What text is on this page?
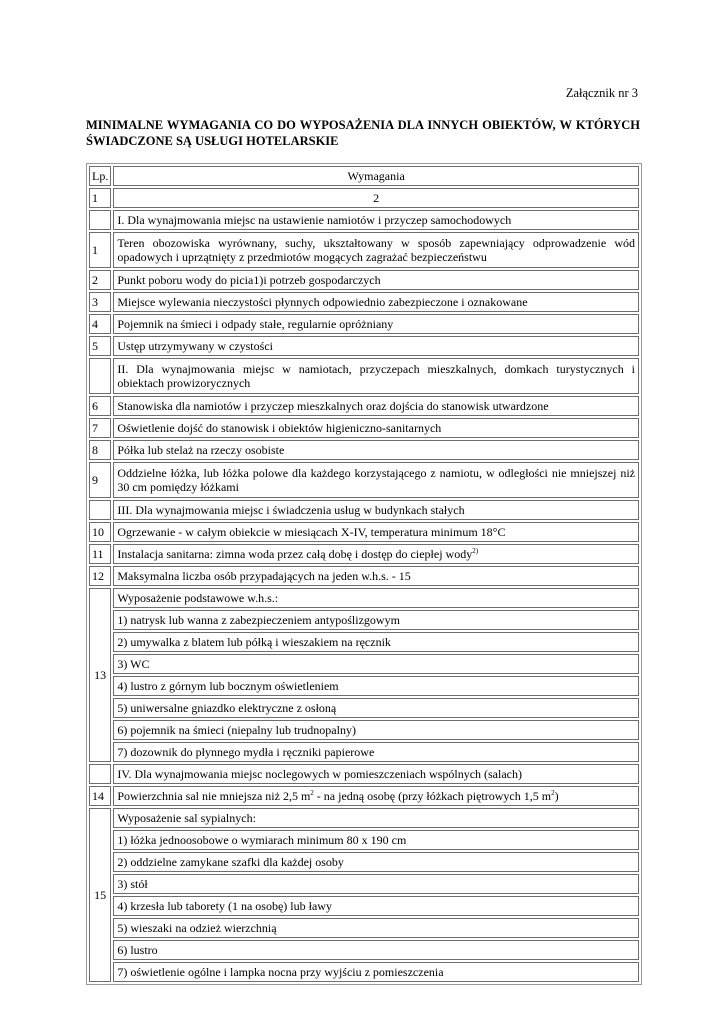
Załącznik nr 3
MINIMALNE WYMAGANIA CO DO WYPOSAŻENIA DLA INNYCH OBIEKTÓW, W KTÓRYCH ŚWIADCZONE SĄ USŁUGI HOTELARSKIE
Lp.	Wymagania
1	2
	I. Dla wynajmowania miejsc na ustawienie namiotów i przyczep samochodowych
1	Teren obozowiska wyrównany, suchy, ukształtowany w sposób zapewniający odprowadzenie wód opadowych i uprzątnięty z przedmiotów mogących zagrażać bezpieczeństwu
2	Punkt poboru wody do picia1)i potrzeb gospodarczych
3	Miejsce wylewania nieczystości płynnych odpowiednio zabezpieczone i oznakowane
4	Pojemnik na śmieci i odpady stałe, regularnie opróżniany
5	Ustęp utrzymywany w czystości
	II. Dla wynajmowania miejsc w namiotach, przyczepach mieszkalnych, domkach turystycznych i obiektach prowizorycznych
6	Stanowiska dla namiotów i przyczep mieszkalnych oraz dojścia do stanowisk utwardzone
7	Oświetlenie dojść do stanowisk i obiektów higieniczno-sanitarnych
8	Półka lub stelaż na rzeczy osobiste
9	Oddzielne łóżka, lub łóżka polowe dla każdego korzystającego z namiotu, w odległości nie mniejszej niż 30 cm pomiędzy łóżkami
	III. Dla wynajmowania miejsc i świadczenia usług w budynkach stałych
10	Ogrzewanie - w całym obiekcie w miesiącach X-IV, temperatura minimum 18°C
11	Instalacja sanitarna: zimna woda przez całą dobę i dostęp do ciepłej wody$^{2)}$
12	Maksymalna liczba osób przypadających na jeden w.h.s. - 15
13	Wyposażenie podstawowe w.h.s.:
	1) natrysk lub wanna z zabezpieczeniem antypoślizgowym
	2) umywalka z blatem lub półką i wieszakiem na ręcznik
	3) WC
	4) lustro z górnym lub bocznym oświetleniem
	5) uniwersalne gniazdko elektryczne z osłoną
	6) pojemnik na śmieci (niepalny lub trudnopalny)
	7) dozownik do płynnego mydła i ręczniki papierowe
	IV. Dla wynajmowania miejsc noclegowych w pomieszczeniach wspólnych (salach)
14	Powierzchnia sal nie mniejsza niż 2,5 $m^2$ - na jedną osobę (przy łóżkach piętrowych 1,5 $m^2$)
15	Wyposażenie sal sypialnych:
	1) łóżka jednoosobowe o wymiarach minimum 80 x 190 cm
	2) oddzielne zamykane szafki dla każdej osoby
	3) stół
	4) krzesła lub taborety (1 na osobę) lub ławy
	5) wieszaki na odzież wierzchnią
	6) lustro
	7) oświetlenie ogólne i lampka nocna przy wyjściu z pomieszczenia
